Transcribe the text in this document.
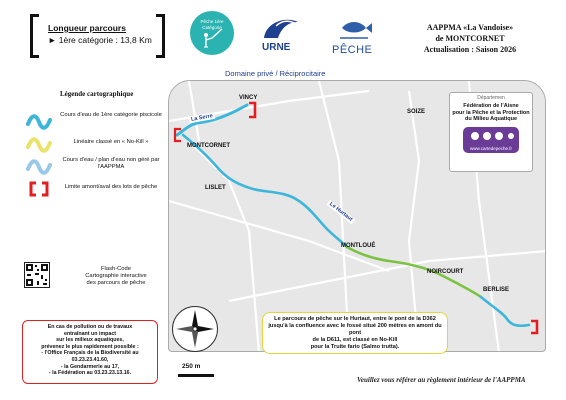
Longueur parcours
► 1ère catégorie : 13,8 Km
Pêche 1ère
Catégorie
URNE	PÊCHE
Domaine privé / Réciprocitaire
AAPPMA «La Vandoise»
de MONTCORNET
Actualisation : Saison 2026
Légende cartographique
Cours d'eau de 1ère catégorie piscicole
Linéaire classé en « No-Kill »
Cours d'eau / plan d'eau non géré par l'AAPPMA
Limite amont/aval des lots de pêche
Flash-Code
Cartographie interactive
des parcours de pêche
En cas de pollution ou de travaux
entraînant un impact
sur les milieux aquatiques,
prévenez le plus rapidement possible :
- l'Office Français de la Biodiversité au 03.23.23.41.60,
- la Gendarmerie au 17,
- la Fédération au 03.23.23.13.16.
VINCY
MONTCORNET
LISLET
SOIZE
MONTLOUÉ
NOIRCOURT
BERLISE
La Serre
Le Hurtaut
Départemen
Fédération de l'Aisne
pour la Pêche et la Protection
du Milieu Aquatique
www.cartedepeche.fr
Le parcours de pêche sur le Hurtaut, entre le pont de la D362
jusqu'à la confluence avec le fossé situé 200 mètres en amont du pont
de la D611, est classé en No-Kill
pour la Truite fario (Salmo trutta).
250 m
Veuillez vous référer au règlement intérieur de l'AAPPMA
